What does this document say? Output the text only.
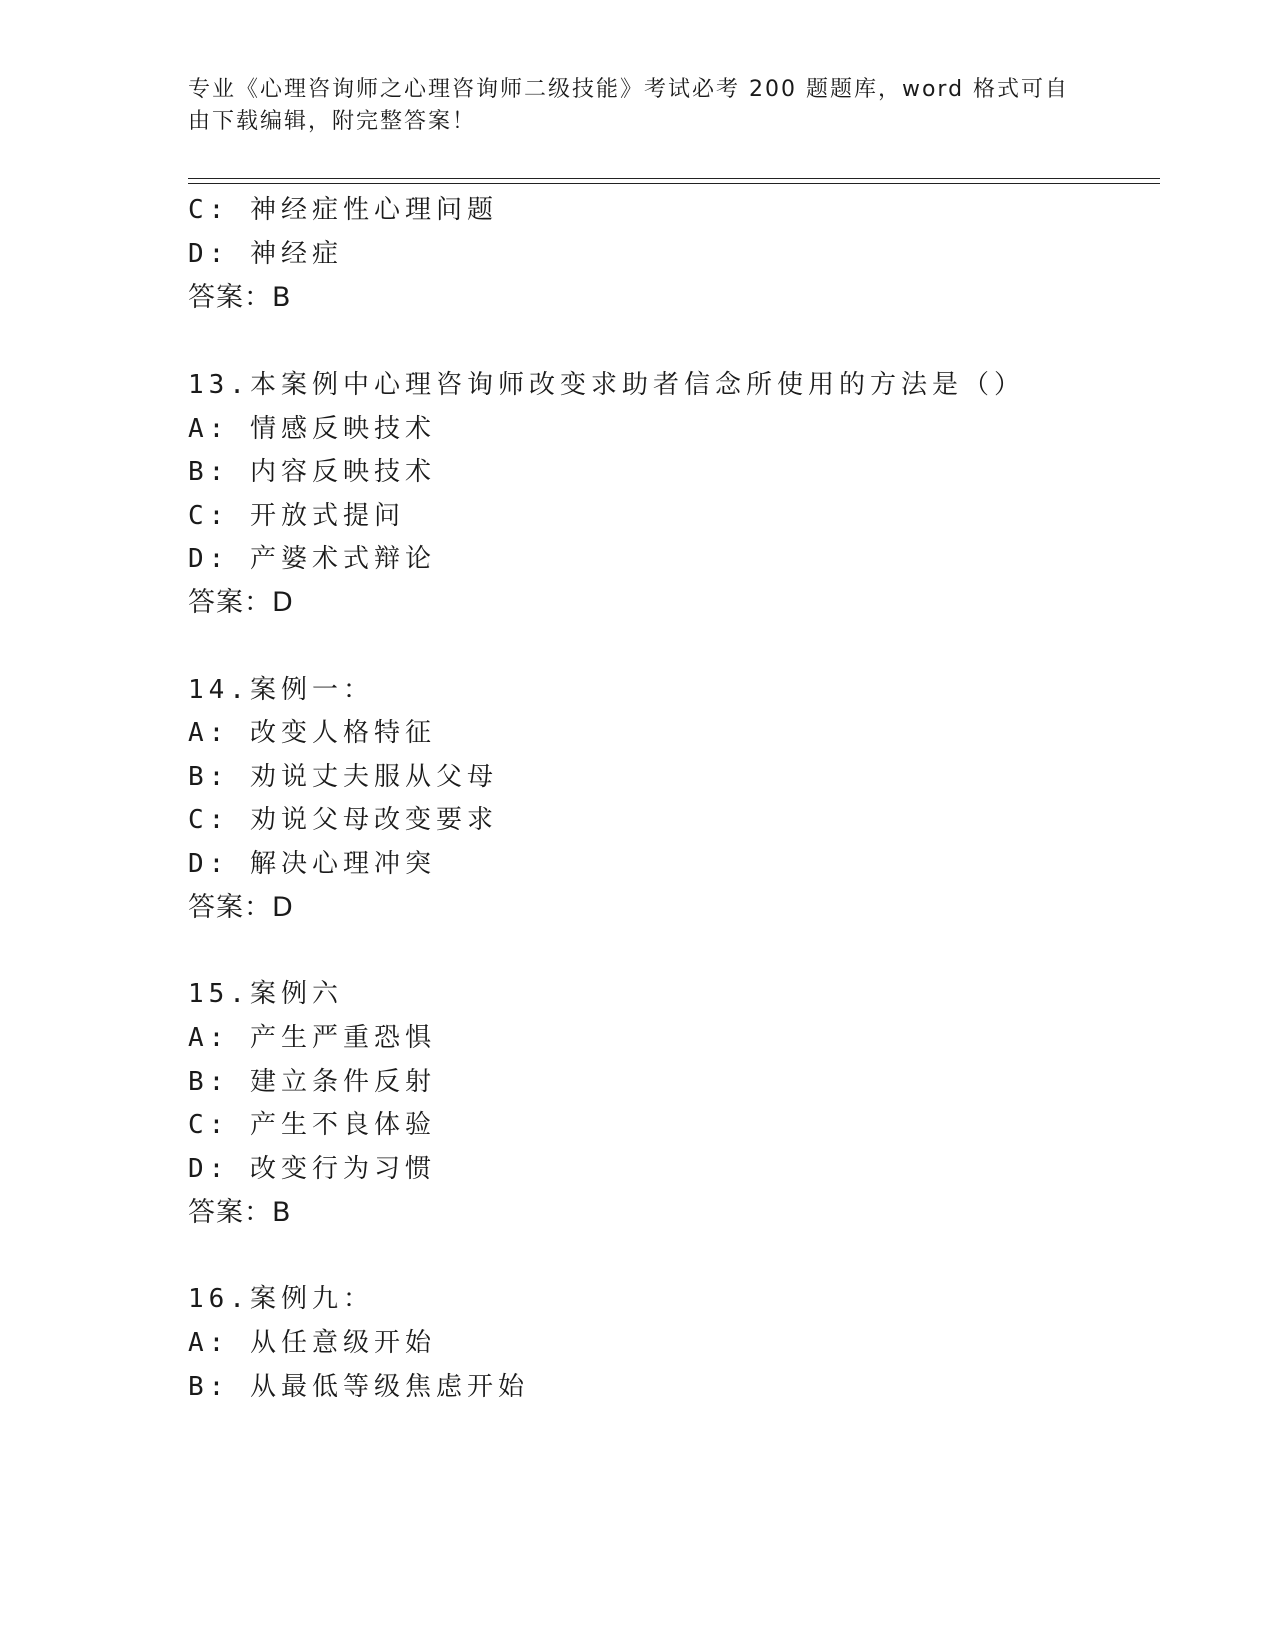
专业《心理咨询师之心理咨询师二级技能》考试必考 200 题题库，word 格式可自
由下载编辑，附完整答案！
C: 神经症性心理问题
D: 神经症
答案：B
13.本案例中心理咨询师改变求助者信念所使用的方法是（）
A: 情感反映技术
B: 内容反映技术
C: 开放式提问
D: 产婆术式辩论
答案：D
14.案例一：
A: 改变人格特征
B: 劝说丈夫服从父母
C: 劝说父母改变要求
D: 解决心理冲突
答案：D
15.案例六
A: 产生严重恐惧
B: 建立条件反射
C: 产生不良体验
D: 改变行为习惯
答案：B
16.案例九：
A: 从任意级开始
B: 从最低等级焦虑开始
